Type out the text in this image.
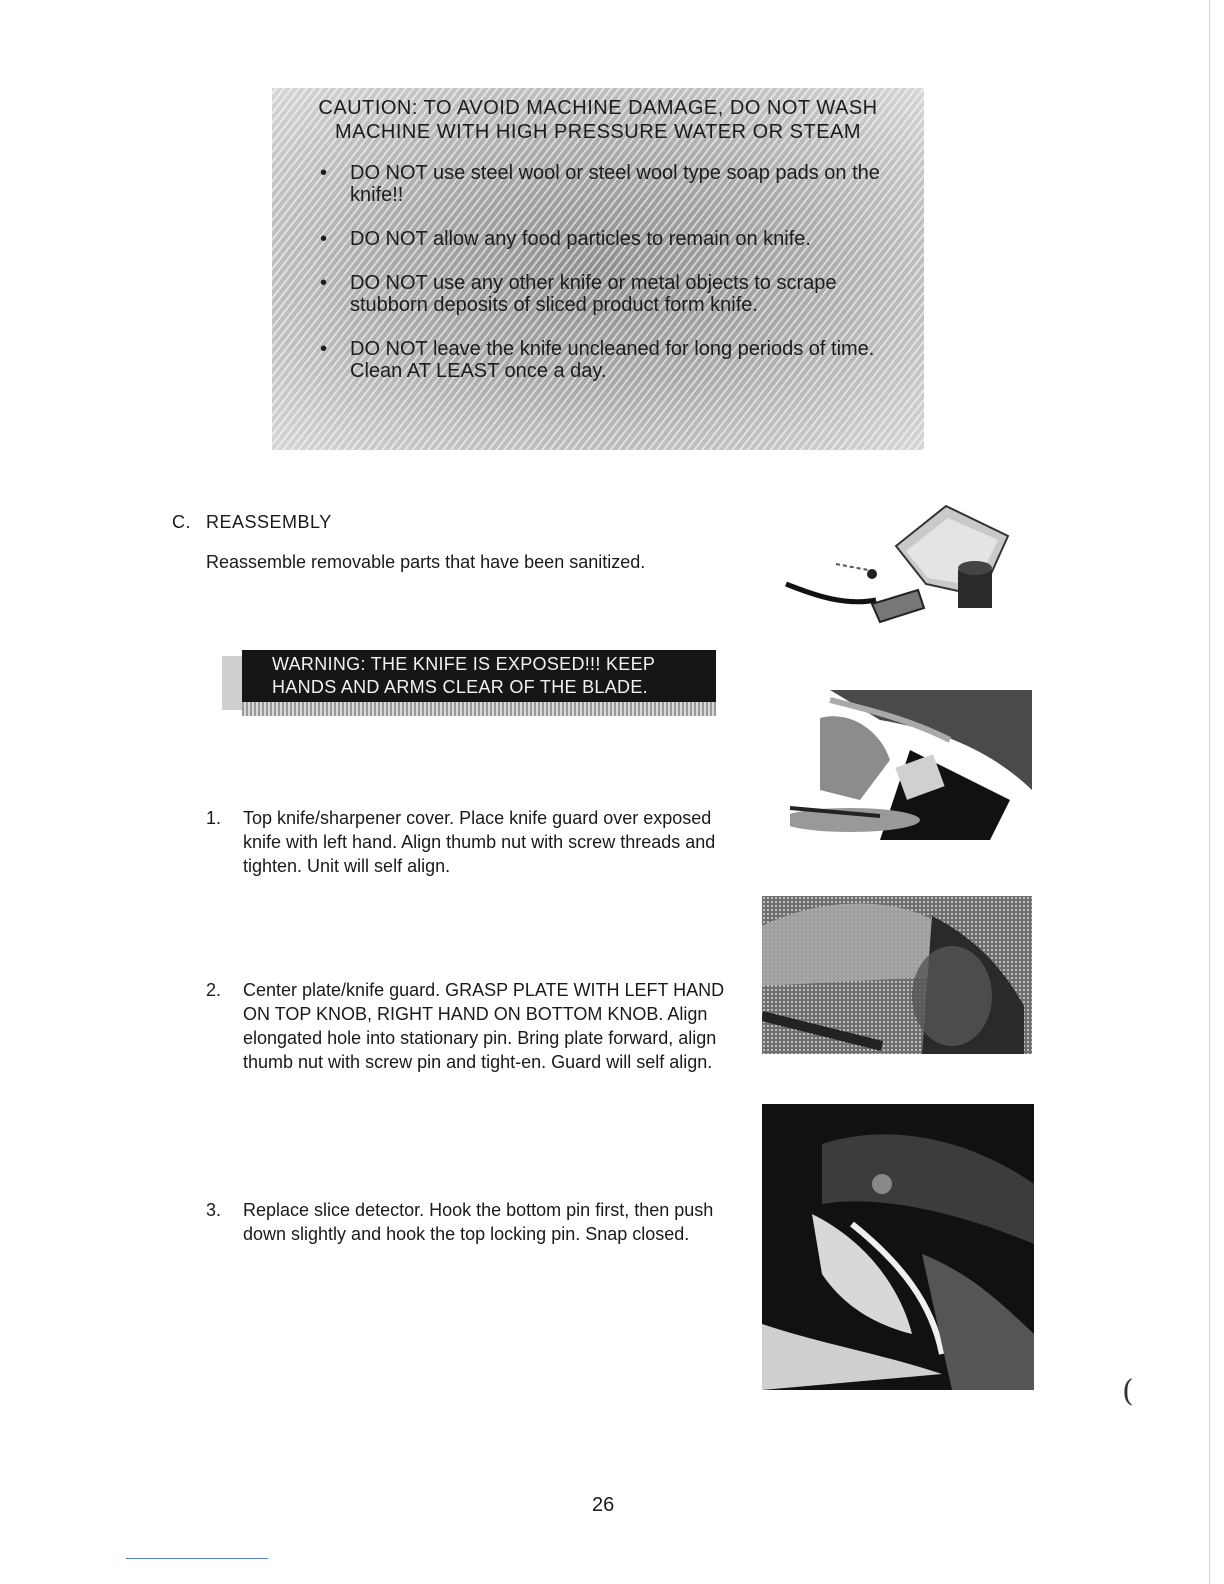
CAUTION: TO AVOID MACHINE DAMAGE, DO NOT WASH
MACHINE WITH HIGH PRESSURE WATER OR STEAM
• DO NOT use steel wool or steel wool type soap pads on the knife!!
• DO NOT allow any food particles to remain on knife.
• DO NOT use any other knife or metal objects to scrape stubborn deposits of sliced product form knife.
• DO NOT leave the knife uncleaned for long periods of time. Clean AT LEAST once a day.
C. REASSEMBLY
Reassemble removable parts that have been sanitized.
WARNING: THE KNIFE IS EXPOSED!!! KEEP
HANDS AND ARMS CLEAR OF THE BLADE.
1.	Top knife/sharpener cover. Place knife guard over exposed knife with left hand. Align thumb nut with screw threads and tighten. Unit will self align.
2.	Center plate/knife guard. GRASP PLATE WITH LEFT HAND ON TOP KNOB, RIGHT HAND ON BOTTOM KNOB. Align elongated hole into stationary pin. Bring plate forward, align thumb nut with screw pin and tight-en. Guard will self align.
3.	Replace slice detector. Hook the bottom pin first, then push down slightly and hook the top locking pin. Snap closed.
26
(
